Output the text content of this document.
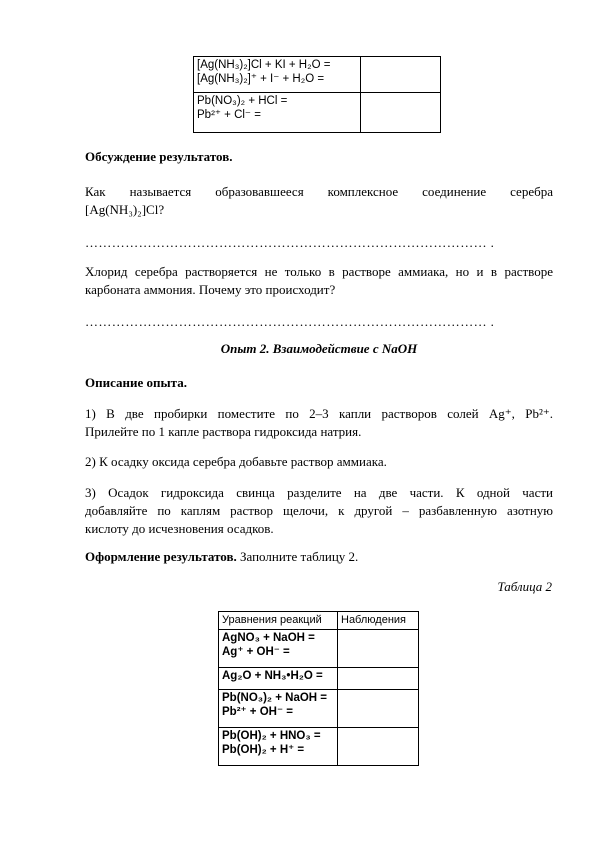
[Ag(NH₃)₂]Cl + KI + H₂O =
[Ag(NH₃)₂]⁺ + I⁻ + H₂O =	

Pb(NO₃)₂ + HCl =
Pb²⁺ + Cl⁻ =	

Обсуждение результатов.
Как называется образовавшееся комплексное соединение серебра
[Ag(NH₃)₂]Cl?
……………………………………………………………………………… .
Хлорид серебра растворяется не только в растворе аммиака, но и в растворе
карбоната аммония. Почему это происходит?
……………………………………………………………………………… .
Опыт 2. Взаимодействие с NaOH
Описание опыта.
1) В две пробирки поместите по 2–3 капли растворов солей Ag⁺, Pb²⁺.
Прилейте по 1 капле раствора гидроксида натрия.
2) К осадку оксида серебра добавьте раствор аммиака.
3) Осадок гидроксида свинца разделите на две части. К одной части
добавляйте по каплям раствор щелочи, к другой – разбавленную азотную
кислоту до исчезновения осадков.
Оформление результатов. Заполните таблицу 2.
Таблица 2
Уравнения реакций	Наблюдения

AgNO₃ + NaOH =
Ag⁺ + OH⁻ =	

Ag₂O + NH₃•H₂O =	

Pb(NO₃)₂ + NaOH =
Pb²⁺ + OH⁻ =	

Pb(OH)₂ + HNO₃ =
Pb(OH)₂ + H⁺ =	
